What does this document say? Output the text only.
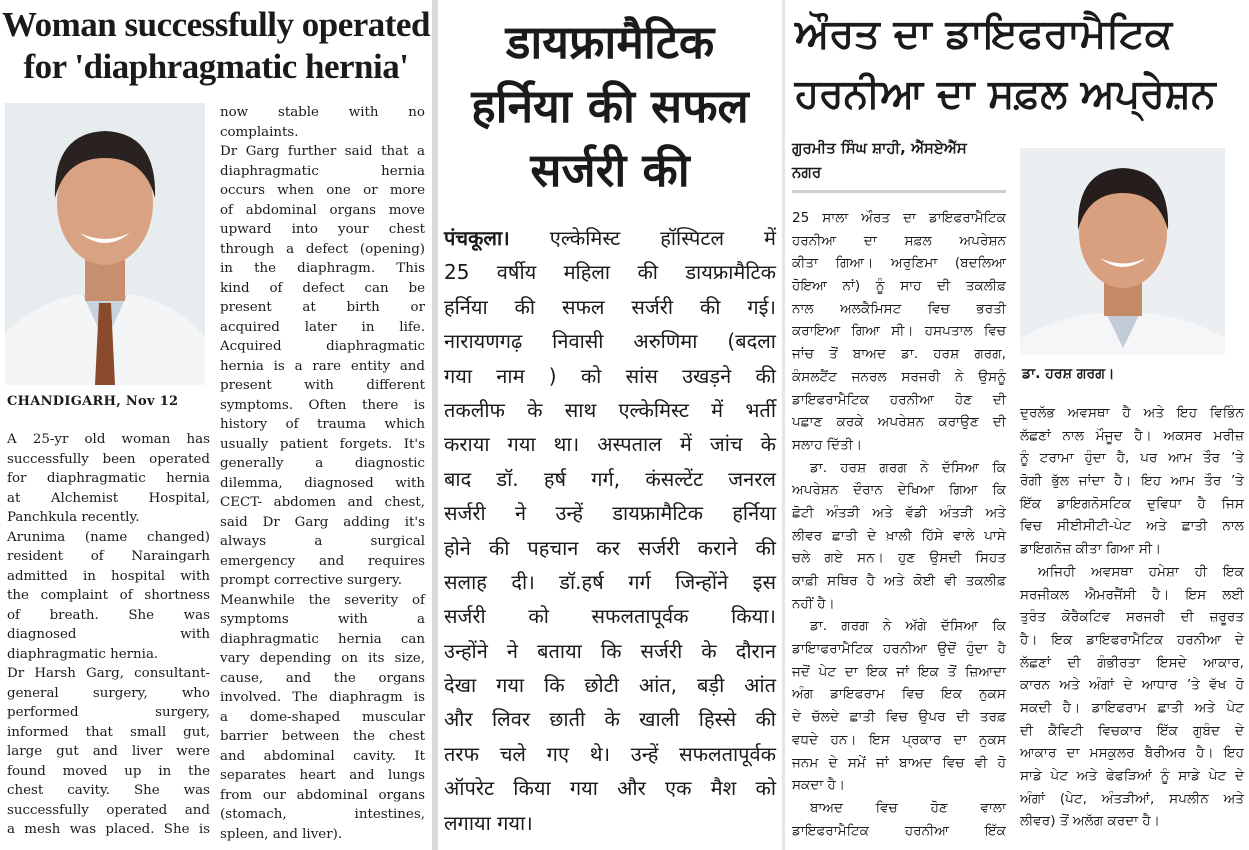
Woman successfully operated
for 'diaphragmatic hernia'
CHANDIGARH, Nov 12
A 25-yr old woman has
successfully been operated
for diaphragmatic hernia
at Alchemist Hospital,
Panchkula recently.
Arunima (name changed)
resident of Naraingarh
admitted in hospital with
the complaint of shortness
of breath. She was
diagnosed with
diaphragmatic hernia.
Dr Harsh Garg, consultant-
general surgery, who
performed surgery,
informed that small gut,
large gut and liver were
found moved up in the
chest cavity. She was
successfully operated and
a mesh was placed. She is
now stable with no
complaints.
Dr Garg further said that a
diaphragmatic hernia
occurs when one or more
of abdominal organs move
upward into your chest
through a defect (opening)
in the diaphragm. This
kind of defect can be
present at birth or
acquired later in life.
Acquired diaphragmatic
hernia is a rare entity and
present with different
symptoms. Often there is
history of trauma which
usually patient forgets. It's
generally a diagnostic
dilemma, diagnosed with
CECT- abdomen and chest,
said Dr Garg adding it's
always a surgical
emergency and requires
prompt corrective surgery.
Meanwhile the severity of
symptoms with a
diaphragmatic hernia can
vary depending on its size,
cause, and the organs
involved. The diaphragm is
a dome-shaped muscular
barrier between the chest
and abdominal cavity. It
separates heart and lungs
from our abdominal organs
(stomach, intestines,
spleen, and liver).
डायफ्रामैटिक
हर्निया की सफल
सर्जरी की
पंचकूला। एल्केमिस्ट हॉस्पिटल में
25 वर्षीय महिला की डायफ्रामैटिक
हर्निया की सफल सर्जरी की गई।
नारायणगढ़ निवासी अरुणिमा (बदला
गया नाम ) को सांस उखड़ने की
तकलीफ के साथ एल्केमिस्ट में भर्ती
कराया गया था। अस्पताल में जांच के
बाद डॉ. हर्ष गर्ग, कंसल्टेंट जनरल
सर्जरी ने उन्हें डायफ्रामैटिक हर्निया
होने की पहचान कर सर्जरी कराने की
सलाह दी। डॉ.हर्ष गर्ग जिन्होंने इस
सर्जरी को सफलतापूर्वक किया।
उन्होंने ने बताया कि सर्जरी के दौरान
देखा गया कि छोटी आंत, बड़ी आंत
और लिवर छाती के खाली हिस्से की
तरफ चले गए थे। उन्हें सफलतापूर्वक
ऑपरेट किया गया और एक मैश को
लगाया गया।
ਔਰਤ ਦਾ ਡਾਇਫਰਾਮੈਟਿਕ
ਹਰਨੀਆ ਦਾ ਸਫ਼ਲ ਅਪ੍ਰੇਸ਼ਨ
ਗੁਰਮੀਤ ਸਿੰਘ ਸ਼ਾਹੀ, ਐੱਸਏਐੱਸ
ਨਗਰ
25 ਸਾਲਾ ਔਰਤ ਦਾ ਡਾਇਫਰਾਮੈਟਿਕ
ਹਰਨੀਆ ਦਾ ਸਫ਼ਲ ਅਪਰੇਸ਼ਨ
ਕੀਤਾ ਗਿਆ। ਅਰੁਣਿਮਾ (ਬਦਲਿਆ
ਹੋਇਆ ਨਾਂ) ਨੂੰ ਸਾਹ ਦੀ ਤਕਲੀਫ਼
ਨਾਲ ਅਲਕੈਮਿਸਟ ਵਿਚ ਭਰਤੀ
ਕਰਾਇਆ ਗਿਆ ਸੀ। ਹਸਪਤਾਲ ਵਿਚ
ਜਾਂਚ ਤੋਂ ਬਾਅਦ ਡਾ. ਹਰਸ਼ ਗਰਗ,
ਕੰਸਲਟੈਂਟ ਜਨਰਲ ਸਰਜਰੀ ਨੇ ਉਸਨੂੰ
ਡਾਇਫਰਾਮੈਟਿਕ ਹਰਨੀਆ ਹੋਣ ਦੀ
ਪਛਾਣ ਕਰਕੇ ਅਪਰੇਸ਼ਨ ਕਰਾਉਣ ਦੀ
ਸਲਾਹ ਦਿੱਤੀ।
ਡਾ. ਹਰਸ਼ ਗਰਗ ਨੇ ਦੱਸਿਆ ਕਿ
ਅਪਰੇਸ਼ਨ ਦੌਰਾਨ ਦੇਖਿਆ ਗਿਆ ਕਿ
ਛੋਟੀ ਅੰਤੜੀ ਅਤੇ ਵੱਡੀ ਅੰਤੜੀ ਅਤੇ
ਲੀਵਰ ਛਾਤੀ ਦੇ ਖ਼ਾਲੀ ਹਿੱਸੇ ਵਾਲੇ ਪਾਸੇ
ਚਲੇ ਗਏ ਸਨ। ਹੁਣ ਉਸਦੀ ਸਿਹਤ
ਕਾਫ਼ੀ ਸਥਿਰ ਹੈ ਅਤੇ ਕੋਈ ਵੀ ਤਕਲੀਫ਼
ਨਹੀਂ ਹੈ।
ਡਾ. ਗਰਗ ਨੇ ਅੱਗੇ ਦੱਸਿਆ ਕਿ
ਡਾਇਾਫਰਾਮੈਟਿਕ ਹਰਨੀਆ ਉਦੋਂ ਹੁੰਦਾ ਹੈ
ਜਦੋਂ ਪੇਟ ਦਾ ਇਕ ਜਾਂ ਇਕ ਤੋਂ ਜ਼ਿਆਦਾ
ਅੰਗ ਡਾਇਫਰਾਮ ਵਿਚ ਇਕ ਨੁਕਸ
ਦੇ ਚੱਲਦੇ ਛਾਤੀ ਵਿਚ ਉਪਰ ਦੀ ਤਰਫ਼
ਵਧਦੇ ਹਨ। ਇਸ ਪ੍ਰਕਾਰ ਦਾ ਨੁਕਸ
ਜਨਮ ਦੇ ਸਮੇਂ ਜਾਂ ਬਾਅਦ ਵਿਚ ਵੀ ਹੋ
ਸਕਦਾ ਹੈ।
ਬਾਅਦ ਵਿਚ ਹੋਣ ਵਾਲਾ
ਡਾਇਫਰਾਮੈਟਿਕ ਹਰਨੀਆ ਇੱਕ
ਡਾ. ਹਰਸ਼ ਗਰਗ।
ਦੁਰਲੱਭ ਅਵਸਥਾ ਹੈ ਅਤੇ ਇਹ ਵਿਭਿੰਨ
ਲੱਛਣਾਂ ਨਾਲ ਮੌਜੂਦ ਹੈ। ਅਕਸਰ ਮਰੀਜ਼
ਨੂੰ ਟਰਾਮਾ ਹੁੰਦਾ ਹੈ, ਪਰ ਆਮ ਤੌਰ ’ਤੇ
ਰੋਗੀ ਭੁੱਲ ਜਾਂਦਾ ਹੈ। ਇਹ ਆਮ ਤੌਰ ’ਤੇ
ਇੱਕ ਡਾਇਗਨੋਸਟਿਕ ਦੁਵਿਧਾ ਹੈ ਜਿਸ
ਵਿਚ ਸੀਈਸੀਟੀ-ਪੇਟ ਅਤੇ ਛਾਤੀ ਨਾਲ
ਡਾਇਗਨੋਜ਼ ਕੀਤਾ ਗਿਆ ਸੀ।
ਅਜਿਹੀ ਅਵਸਥਾ ਹਮੇਸ਼ਾ ਹੀ ਇਕ
ਸਰਜੀਕਲ ਐਮਰਜੈਂਸੀ ਹੈ। ਇਸ ਲਈ
ਤੁਰੰਤ ਕੋਰੈਕਟਿਵ ਸਰਜਰੀ ਦੀ ਜ਼ਰੂਰਤ
ਹੈ। ਇਕ ਡਾਇਫਰਾਮੈਟਿਕ ਹਰਨੀਆ ਦੇ
ਲੱਛਣਾਂ ਦੀ ਗੰਭੀਰਤਾ ਇਸਦੇ ਆਕਾਰ,
ਕਾਰਨ ਅਤੇ ਅੰਗਾਂ ਦੇ ਆਧਾਰ ’ਤੇ ਵੱਖ ਹੋ
ਸਕਦੀ ਹੈ। ਡਾਇਫਰਾਮ ਛਾਤੀ ਅਤੇ ਪੇਟ
ਦੀ ਕੈਵਿਟੀ ਵਿਚਕਾਰ ਇੱਕ ਗੁਬੰਦ ਦੇ
ਆਕਾਰ ਦਾ ਮਸਕੁਲਰ ਬੈਰੀਅਰ ਹੈ। ਇਹ
ਸਾਡੇ ਪੇਟ ਅਤੇ ਫੇਫੜਿਆਂ ਨੂੰ ਸਾਡੇ ਪੇਟ ਦੇ
ਅੰਗਾਂ (ਪੇਟ, ਅੰਤੜੀਆਂ, ਸਪਲੀਨ ਅਤੇ
ਲੀਵਰ) ਤੋਂ ਅਲੱਗ ਕਰਦਾ ਹੈ।
